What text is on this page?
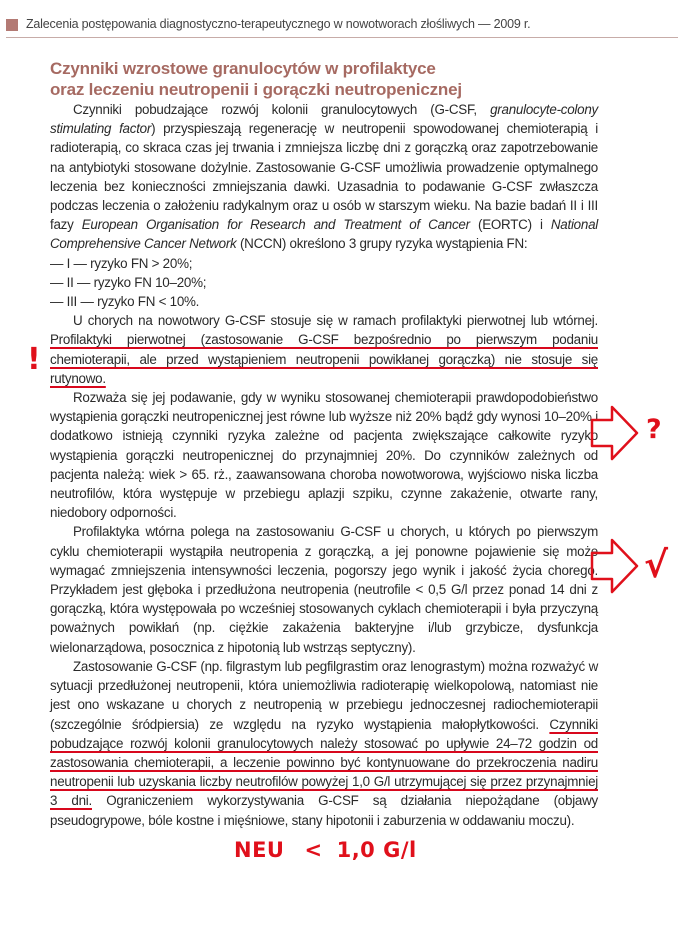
Zalecenia postępowania diagnostyczno-terapeutycznego w nowotworach złośliwych — 2009 r.
Czynniki wzrostowe granulocytów w profilaktyce
oraz leczeniu neutropenii i gorączki neutropenicznej

Czynniki pobudzające rozwój kolonii granulocytowych (G-CSF, granulocyte-colony stimulating factor) przyspieszają regenerację w neutropenii spowodowanej chemioterapią i radioterapią, co skraca czas jej trwania i zmniejsza liczbę dni z gorączką oraz zapotrzebowanie na antybiotyki stosowane dożylnie. Zastosowanie G-CSF umożliwia prowadzenie optymalnego leczenia bez konieczności zmniejszania dawki. Uzasadnia to podawanie G-CSF zwłaszcza podczas leczenia o założeniu radykalnym oraz u osób w starszym wieku. Na bazie badań II i III fazy European Organisation for Research and Treatment of Cancer (EORTC) i National Comprehensive Cancer Network (NCCN) określono 3 grupy ryzyka wystąpienia FN:

— I — ryzyko FN > 20%;

— II — ryzyko FN 10–20%;

— III — ryzyko FN < 10%.

U chorych na nowotwory G-CSF stosuje się w ramach profilaktyki pierwotnej lub wtórnej. Profilaktyki pierwotnej (zastosowanie G-CSF bezpośrednio po pierwszym podaniu chemioterapii, ale przed wystąpieniem neutropenii powikłanej gorączką) nie stosuje się rutynowo.

Rozważa się jej podawanie, gdy w wyniku stosowanej chemioterapii prawdopodobieństwo wystąpienia gorączki neutropenicznej jest równe lub wyższe niż 20% bądź gdy wynosi 10–20% i dodatkowo istnieją czynniki ryzyka zależne od pacjenta zwiększające całkowite ryzyko wystąpienia gorączki neutropenicznej do przynajmniej 20%. Do czynników zależnych od pacjenta należą: wiek > 65. rż., zaawansowana choroba nowotworowa, wyjściowo niska liczba neutrofilów, która występuje w przebiegu aplazji szpiku, czynne zakażenie, otwarte rany, niedobory odporności.

Profilaktyka wtórna polega na zastosowaniu G-CSF u chorych, u których po pierwszym cyklu chemioterapii wystąpiła neutropenia z gorączką, a jej ponowne pojawienie się może wymagać zmniejszenia intensywności leczenia, pogorszy jego wynik i jakość życia chorego. Przykładem jest głęboka i przedłużona neutropenia (neutrofile < 0,5 G/l przez ponad 14 dni z gorączką, która występowała po wcześniej stosowanych cyklach chemioterapii i była przyczyną poważnych powikłań (np. ciężkie zakażenia bakteryjne i/lub grzybicze, dysfunkcja wielonarządowa, posocznica z hipotonią lub wstrząs septyczny).

Zastosowanie G-CSF (np. filgrastym lub pegfilgrastim oraz lenograstym) można rozważyć w sytuacji przedłużonej neutropenii, która uniemożliwia radioterapię wielkopolową, natomiast nie jest ono wskazane u chorych z neutropenią w przebiegu jednoczesnej radiochemioterapii (szczególnie śródpiersia) ze względu na ryzyko wystąpienia małopłytkowości. Czynniki pobudzające rozwój kolonii granulocytowych należy stosować po upływie 24–72 godzin od zastosowania chemioterapii, a leczenie powinno być kontynuowane do przekroczenia nadiru neutropenii lub uzyskania liczby neutrofilów powyżej 1,0 G/l utrzymującej się przez przynajmniej 3 dni. Ograniczeniem wykorzystywania G-CSF są działania niepożądane (objawy pseudogrypowe, bóle kostne i mięśniowe, stany hipotonii i zaburzenia w oddawaniu moczu).

!
?
√
NEU < 1,0 G/l
